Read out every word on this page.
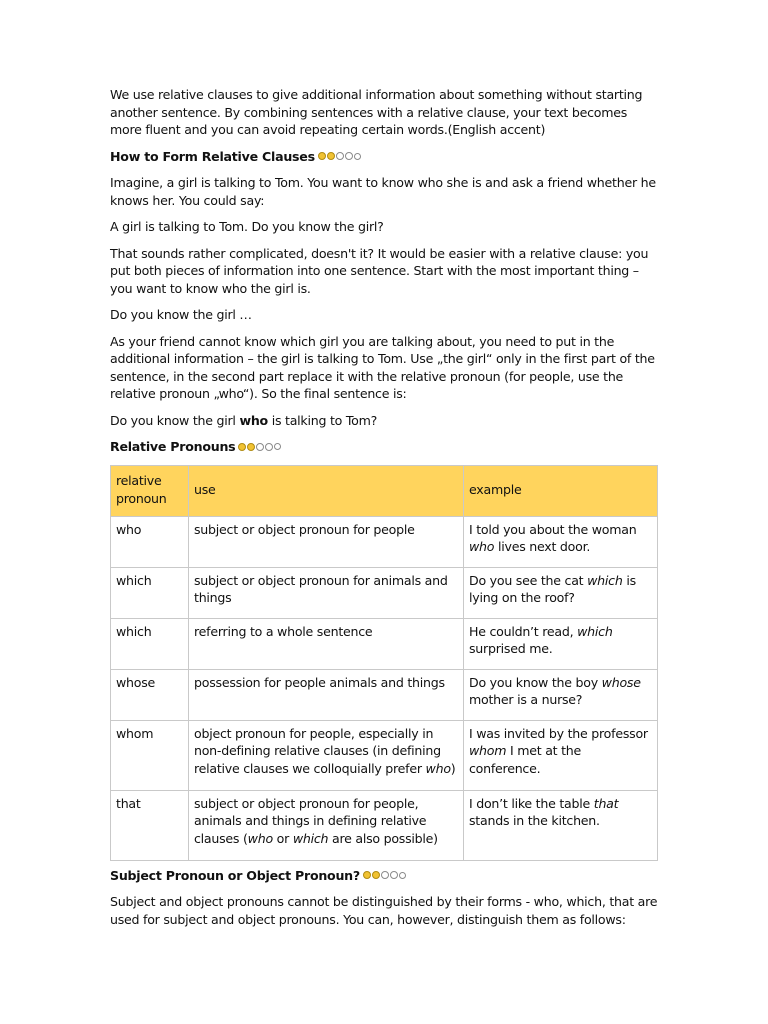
We use relative clauses to give additional information about something without starting another sentence. By combining sentences with a relative clause, your text becomes more fluent and you can avoid repeating certain words.(English accent)

How to Form Relative Clauses

Imagine, a girl is talking to Tom. You want to know who she is and ask a friend whether he knows her. You could say:

A girl is talking to Tom. Do you know the girl?

That sounds rather complicated, doesn't it? It would be easier with a relative clause: you put both pieces of information into one sentence. Start with the most important thing – you want to know who the girl is.

Do you know the girl …

As your friend cannot know which girl you are talking about, you need to put in the additional information – the girl is talking to Tom. Use „the girl“ only in the first part of the sentence, in the second part replace it with the relative pronoun (for people, use the relative pronoun „who“). So the final sentence is:

Do you know the girl who is talking to Tom?

Relative Pronouns

relative pronoun	use	example
who	subject or object pronoun for people	I told you about the woman who lives next door.
which	subject or object pronoun for animals and things	Do you see the cat which is lying on the roof?
which	referring to a whole sentence	He couldn’t read, which surprised me.
whose	possession for people animals and things	Do you know the boy whose mother is a nurse?
whom	object pronoun for people, especially in non-defining relative clauses (in defining relative clauses we colloquially prefer who)	I was invited by the professor whom I met at the conference.
that	subject or object pronoun for people, animals and things in defining relative clauses (who or which are also possible)	I don’t like the table that stands in the kitchen.

Subject Pronoun or Object Pronoun?

Subject and object pronouns cannot be distinguished by their forms - who, which, that are used for subject and object pronouns. You can, however, distinguish them as follows:
